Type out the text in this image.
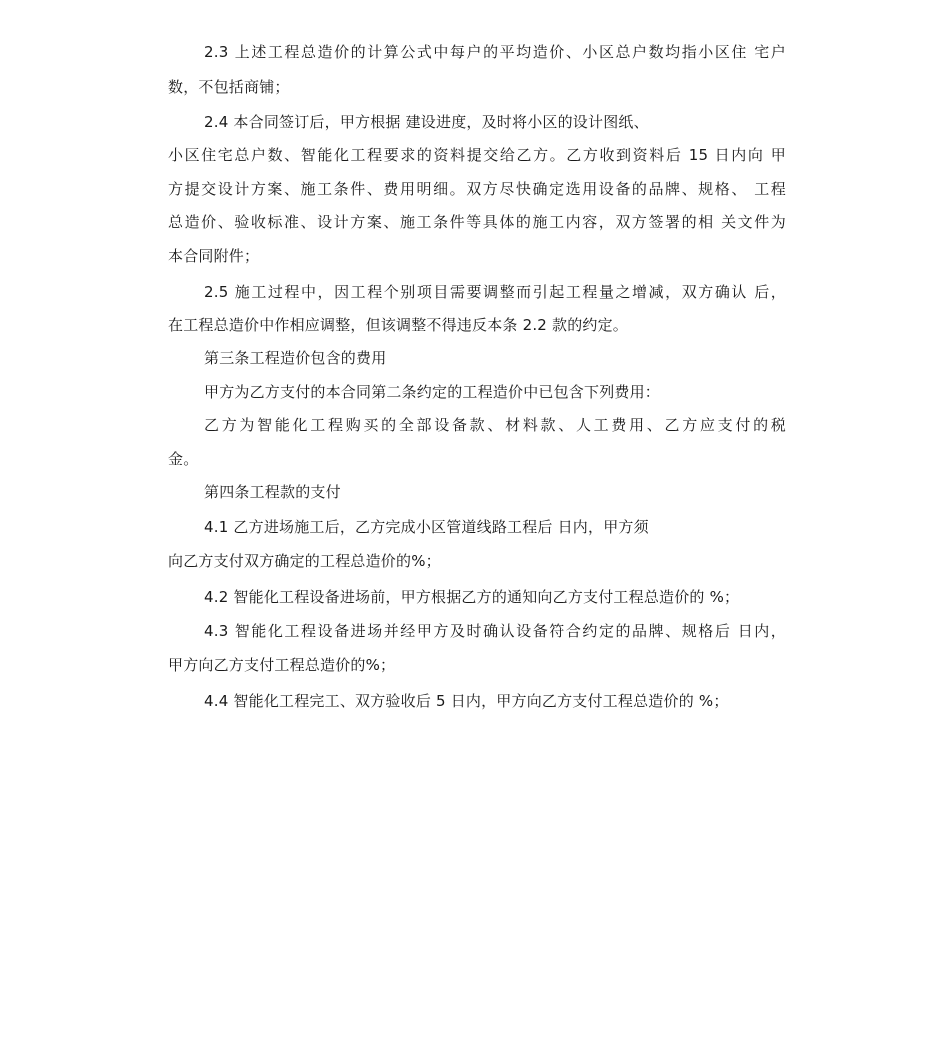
2.3 上述工程总造价的计算公式中每户的平均造价、小区总户数均指小区住 宅户
数，不包括商铺；
2.4 本合同签订后，甲方根据 建设进度，及时将小区的设计图纸、
小区住宅总户数、智能化工程要求的资料提交给乙方。乙方收到资料后 15 日内向 甲
方提交设计方案、施工条件、费用明细。双方尽快确定选用设备的品牌、规格、 工程
总造价、验收标准、设计方案、施工条件等具体的施工内容，双方签署的相 关文件为
本合同附件；
2.5 施工过程中，因工程个别项目需要调整而引起工程量之增减，双方确认 后，
在工程总造价中作相应调整，但该调整不得违反本条 2.2 款的约定。
第三条工程造价包含的费用
甲方为乙方支付的本合同第二条约定的工程造价中已包含下列费用：
乙方为智能化工程购买的全部设备款、材料款、人工费用、乙方应支付的税
金。
第四条工程款的支付
4.1 乙方进场施工后，乙方完成小区管道线路工程后 日内，甲方须
向乙方支付双方确定的工程总造价的%；
4.2 智能化工程设备进场前，甲方根据乙方的通知向乙方支付工程总造价的 %；
4.3 智能化工程设备进场并经甲方及时确认设备符合约定的品牌、规格后 日内，
甲方向乙方支付工程总造价的%；
4.4 智能化工程完工、双方验收后 5 日内，甲方向乙方支付工程总造价的 %；
